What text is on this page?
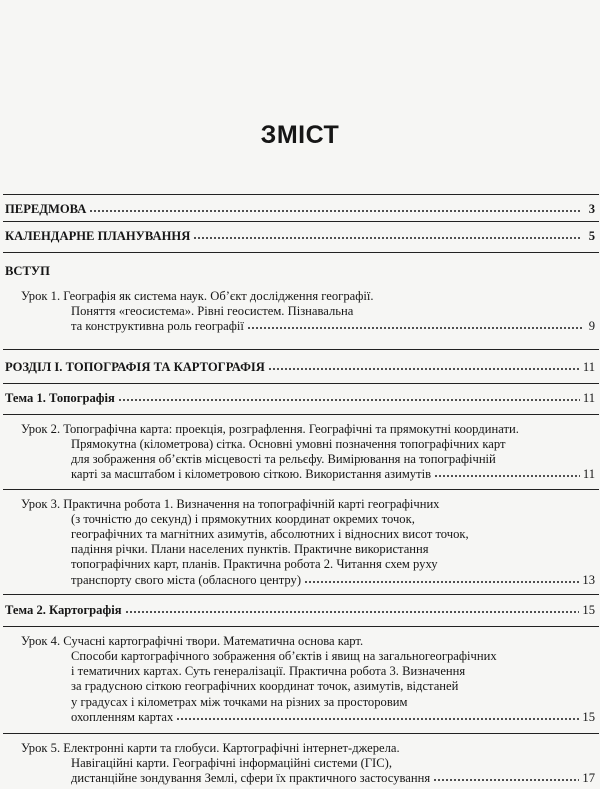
ЗМІСТ
ПЕРЕДМОВА	3
КАЛЕНДАРНЕ ПЛАНУВАННЯ	5
ВСТУП
Урок 1. Географія як система наук. Об’єкт дослідження географії.
Поняття «геосистема». Рівні геосистем. Пізнавальна
та конструктивна роль географії	9
РОЗДІЛ І. ТОПОГРАФІЯ ТА КАРТОГРАФІЯ	11
Тема 1. Топографія	11
Урок 2. Топографічна карта: проекція, розграфлення. Географічні та прямокутні координати.
Прямокутна (кілометрова) сітка. Основні умовні позначення топографічних карт
для зображення об’єктів місцевості та рельєфу. Вимірювання на топографічній
карті за масштабом і кілометровою сіткою. Використання азимутів	11
Урок 3. Практична робота 1. Визначення на топографічній карті географічних
(з точністю до секунд) і прямокутних координат окремих точок,
географічних та магнітних азимутів, абсолютних і відносних висот точок,
падіння річки. Плани населених пунктів. Практичне використання
топографічних карт, планів. Практична робота 2. Читання схем руху
транспорту свого міста (обласного центру)	13
Тема 2. Картографія	15
Урок 4. Сучасні картографічні твори. Математична основа карт.
Способи картографічного зображення об’єктів і явищ на загальногеографічних
і тематичних картах. Суть генералізації. Практична робота 3. Визначення
за градусною сіткою географічних координат точок, азимутів, відстаней
у градусах і кілометрах між точками на різних за просторовим
охопленням картах	15
Урок 5. Електронні карти та глобуси. Картографічні інтернет-джерела.
Навігаційні карти. Географічні інформаційні системи (ГІС),
дистанційне зондування Землі, сфери їх практичного застосування	17
